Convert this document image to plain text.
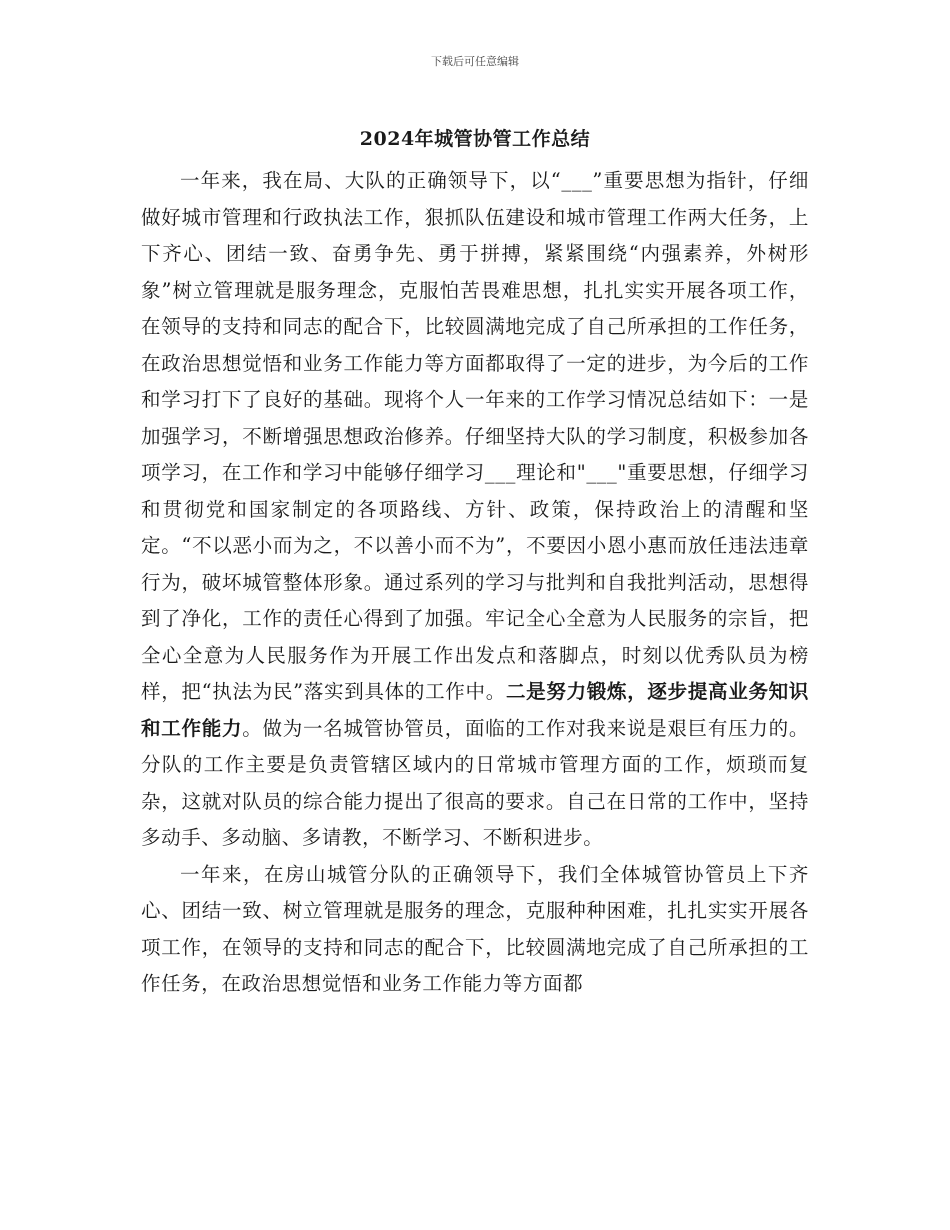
下载后可任意编辑
2024年城管协管工作总结

一年来，我在局、大队的正确领导下，以“___”重要思想为指针，仔细做好城市管理和行政执法工作，狠抓队伍建设和城市管理工作两大任务，上下齐心、团结一致、奋勇争先、勇于拼搏，紧紧围绕“内强素养，外树形象”树立管理就是服务理念，克服怕苦畏难思想，扎扎实实开展各项工作，在领导的支持和同志的配合下，比较圆满地完成了自己所承担的工作任务，在政治思想觉悟和业务工作能力等方面都取得了一定的进步，为今后的工作和学习打下了良好的基础。现将个人一年来的工作学习情况总结如下：一是加强学习，不断增强思想政治修养。仔细坚持大队的学习制度，积极参加各项学习，在工作和学习中能够仔细学习___理论和"___"重要思想，仔细学习和贯彻党和国家制定的各项路线、方针、政策，保持政治上的清醒和坚定。“不以恶小而为之，不以善小而不为”，不要因小恩小惠而放任违法违章行为，破坏城管整体形象。通过系列的学习与批判和自我批判活动，思想得到了净化，工作的责任心得到了加强。牢记全心全意为人民服务的宗旨，把全心全意为人民服务作为开展工作出发点和落脚点，时刻以优秀队员为榜样，把“执法为民”落实到具体的工作中。二是努力锻炼，逐步提高业务知识和工作能力。做为一名城管协管员，面临的工作对我来说是艰巨有压力的。分队的工作主要是负责管辖区域内的日常城市管理方面的工作，烦琐而复杂，这就对队员的综合能力提出了很高的要求。自己在日常的工作中，坚持多动手、多动脑、多请教，不断学习、不断积进步。

一年来，在房山城管分队的正确领导下，我们全体城管协管员上下齐心、团结一致、树立管理就是服务的理念，克服种种困难，扎扎实实开展各项工作，在领导的支持和同志的配合下，比较圆满地完成了自己所承担的工作任务，在政治思想觉悟和业务工作能力等方面都
